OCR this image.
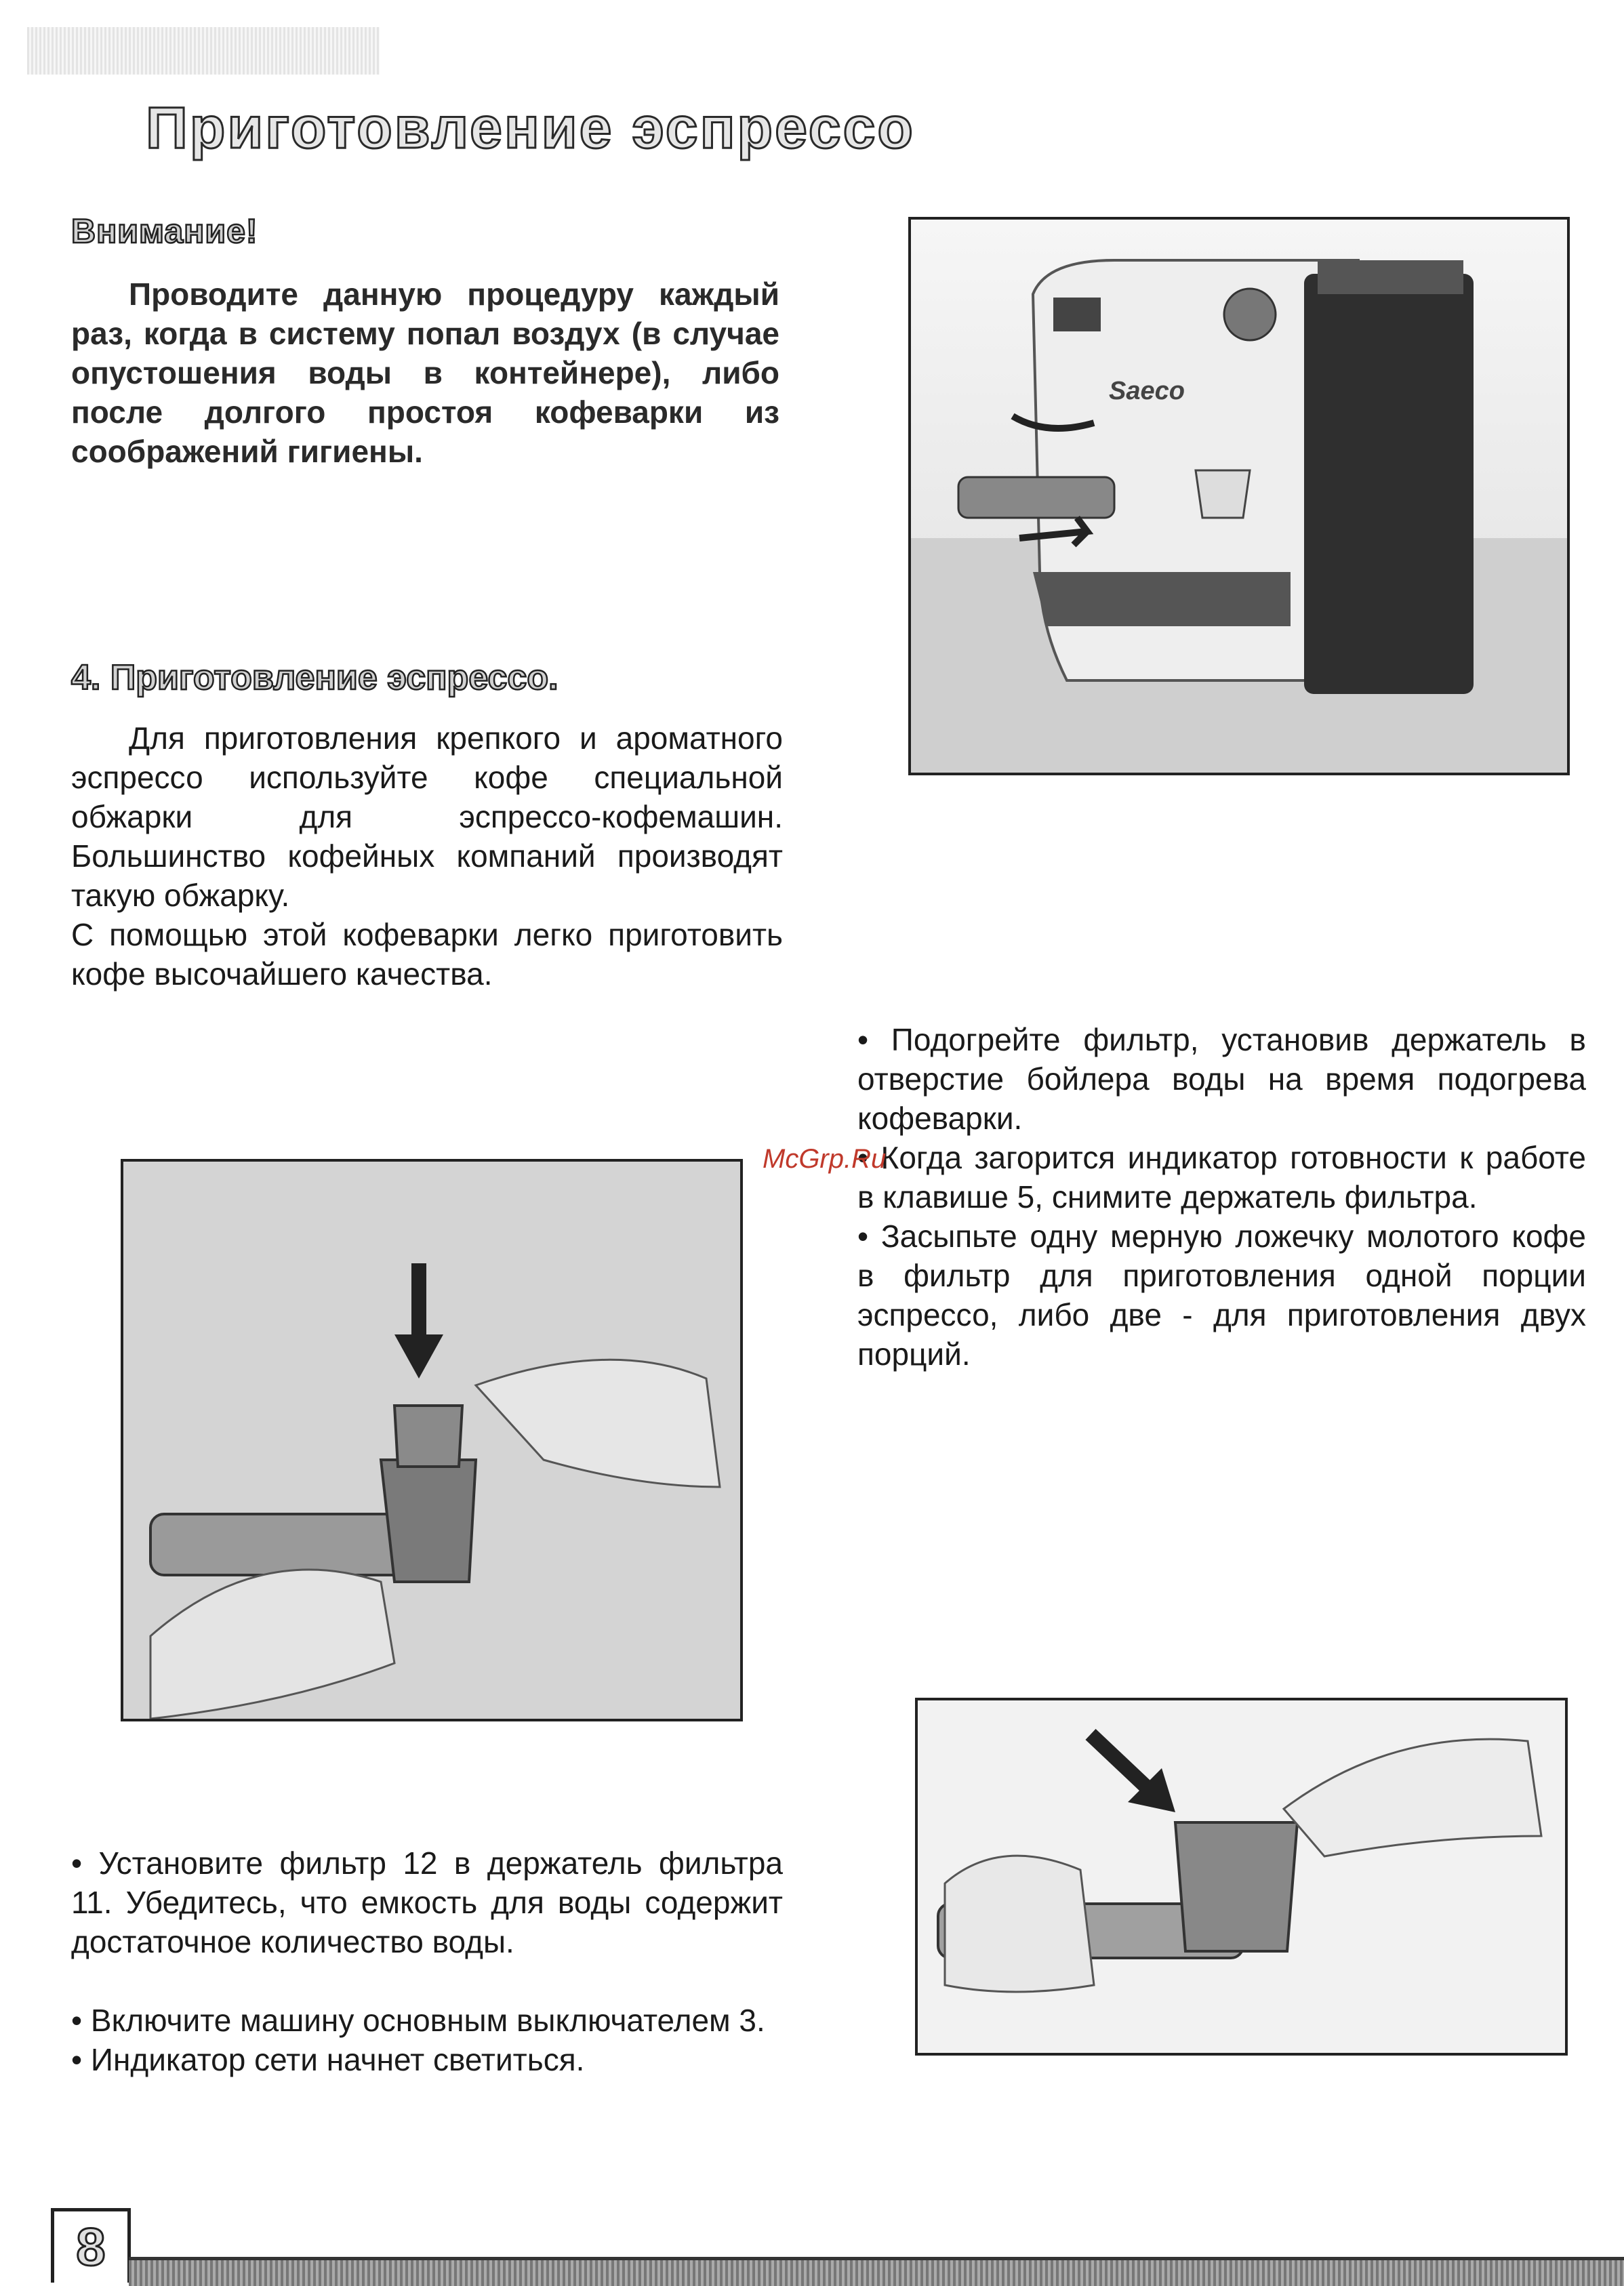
Приготовление эспрессо
Внимание!

Проводите данную процедуру каждый раз, когда в систему попал воздух (в случае опустошения воды в контейнере), либо после долгого простоя кофеварки из соображений гигиены.

Saeco
4. Приготовление эспрессо.

Для приготовления крепкого и ароматного эспрессо используйте кофе специальной обжарки для эспрессо-кофемашин. Большинство кофейных компаний производят такую обжарку.

С помощью этой кофеварки легко приготовить кофе высочайшего качества.

• Подогрейте фильтр, установив держатель в отверстие бойлера воды на время подогрева кофеварки.

• Когда загорится индикатор готовности к работе в клавише 5, снимите держатель фильтра.

• Засыпьте одну мерную ложечку молотого кофе в фильтр для приготовления одной порции эспрессо, либо две - для приготовления двух порций.

McGrp.Ru

• Установите фильтр 12 в держатель фильтра 11. Убедитесь, что емкость для воды содержит достаточное количество воды.

• Включите машину основным выключателем 3.

• Индикатор сети начнет светиться.

8
